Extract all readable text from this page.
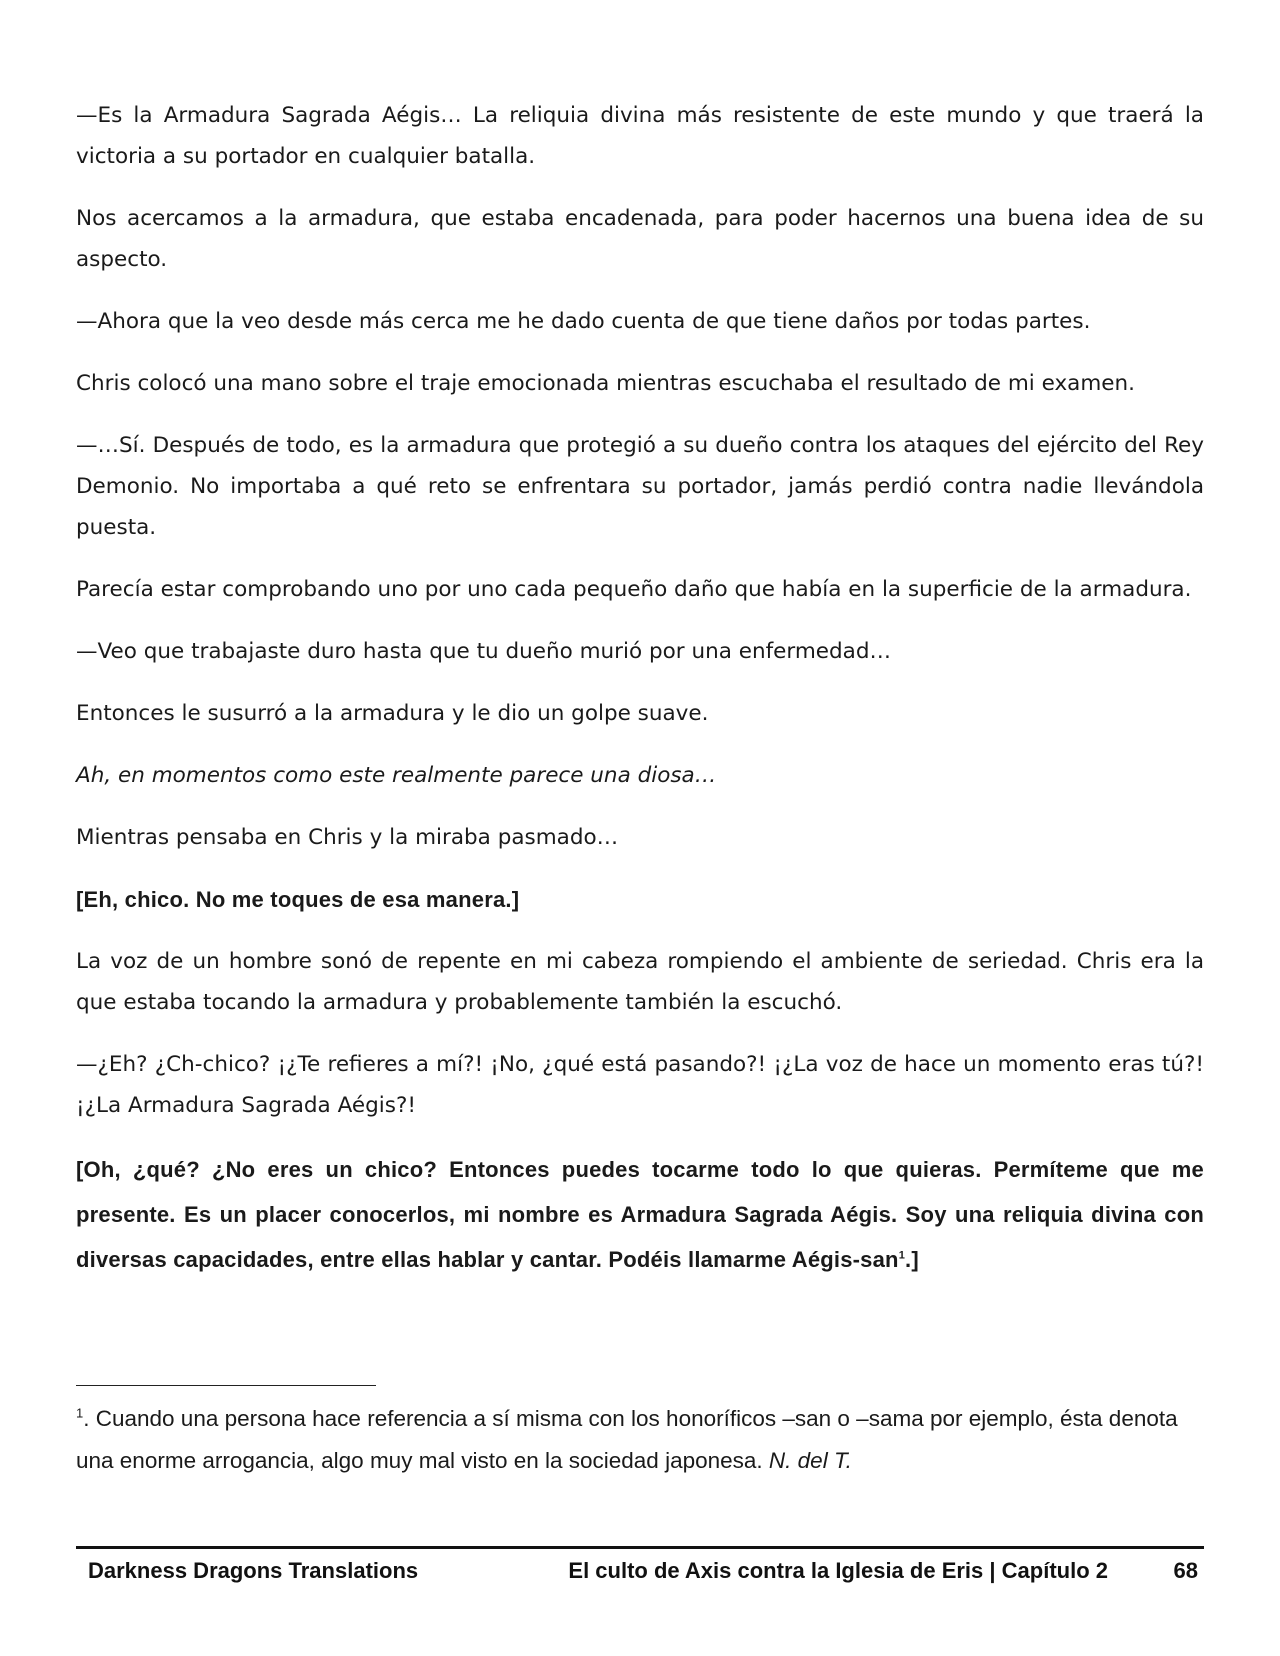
—Es la Armadura Sagrada Aégis… La reliquia divina más resistente de este mundo y que traerá la victoria a su portador en cualquier batalla.

Nos acercamos a la armadura, que estaba encadenada, para poder hacernos una buena idea de su aspecto.

—Ahora que la veo desde más cerca me he dado cuenta de que tiene daños por todas partes.

Chris colocó una mano sobre el traje emocionada mientras escuchaba el resultado de mi examen.

—…Sí. Después de todo, es la armadura que protegió a su dueño contra los ataques del ejército del Rey Demonio. No importaba a qué reto se enfrentara su portador, jamás perdió contra nadie llevándola puesta.

Parecía estar comprobando uno por uno cada pequeño daño que había en la superficie de la armadura.

—Veo que trabajaste duro hasta que tu dueño murió por una enfermedad…

Entonces le susurró a la armadura y le dio un golpe suave.

Ah, en momentos como este realmente parece una diosa…

Mientras pensaba en Chris y la miraba pasmado…

[Eh, chico. No me toques de esa manera.]

La voz de un hombre sonó de repente en mi cabeza rompiendo el ambiente de seriedad. Chris era la que estaba tocando la armadura y probablemente también la escuchó.

—¿Eh? ¿Ch-chico? ¡¿Te refieres a mí?! ¡No, ¿qué está pasando?! ¡¿La voz de hace un momento eras tú?! ¡¿La Armadura Sagrada Aégis?!

[Oh, ¿qué? ¿No eres un chico? Entonces puedes tocarme todo lo que quieras. Permíteme que me presente. Es un placer conocerlos, mi nombre es Armadura Sagrada Aégis. Soy una reliquia divina con diversas capacidades, entre ellas hablar y cantar. Podéis llamarme Aégis-san$^1$.]

$^1$. Cuando una persona hace referencia a sí misma con los honoríficos –san o –sama por ejemplo, ésta denota una enorme arrogancia, algo muy mal visto en la sociedad japonesa. N. del T.
Darkness Dragons Translations	El culto de Axis contra la Iglesia de Eris | Capítulo 2	68
